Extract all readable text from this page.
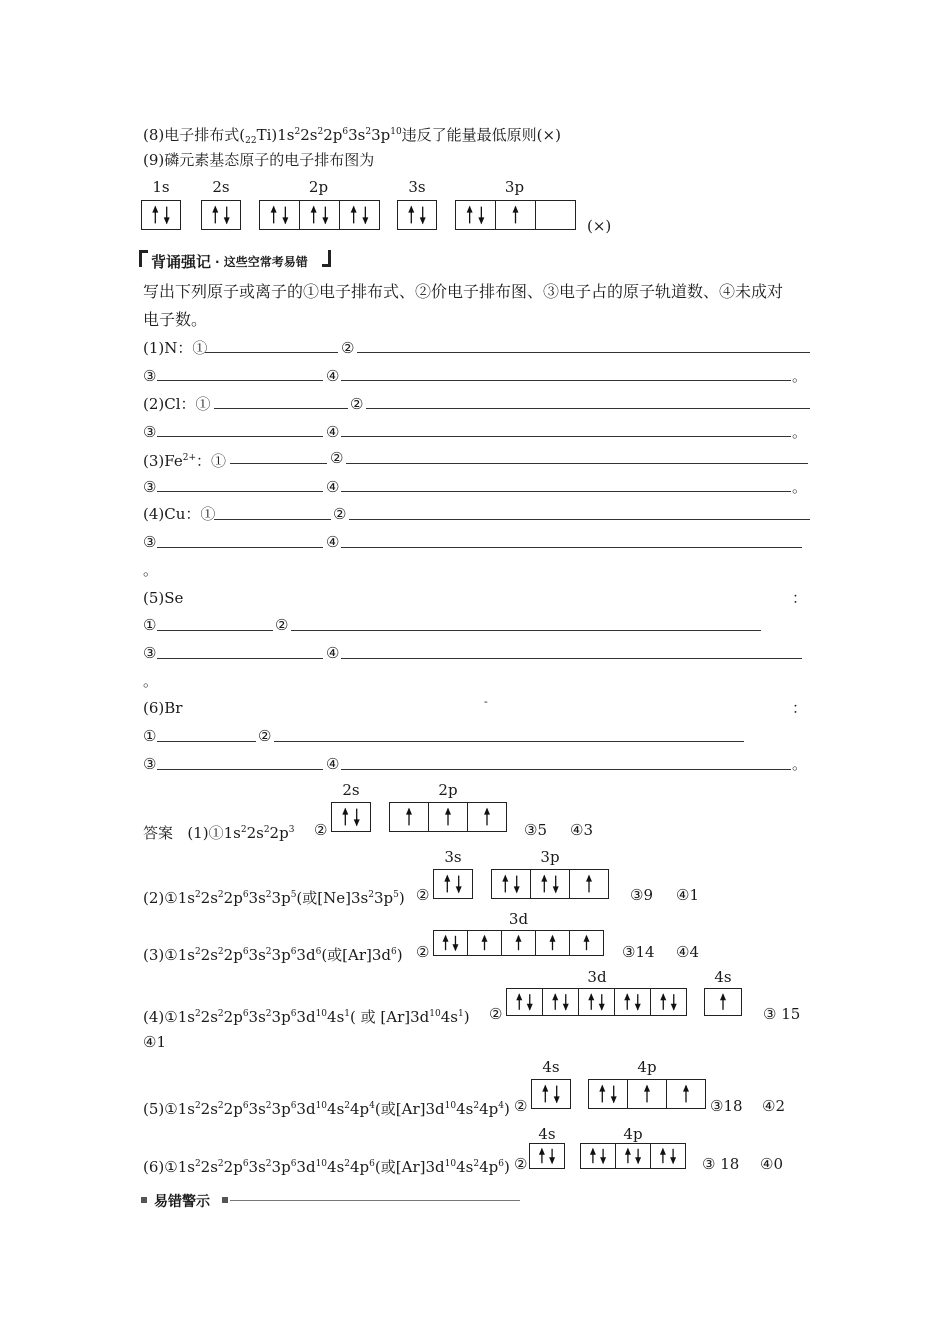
(8)电子排布式$(_{22}Ti)1s^22s^22p^63s^23p^{10}$违反了能量最低原则(×)
(9)磷元素基态原子的电子排布图为
1s	2s	2p	3s	3p
(×)
背诵强记 · 这些空常考易错
写出下列原子或离子的①电子排布式、②价电子排布图、③电子占的原子轨道数、④未成对
电子数。
(1)N：①	②
③	④	。
(2)Cl：①	②
③	④	。
$(3)Fe^{2+}$：①	②
③	④	。
(4)Cu：①	②
③	④
。
(5)Se	：
①	②
③	④
。
(6)Br	-	：
①	②
③	④	。
答案 $(1)①1s^22s^22p^3$ ②
2s	2p
③5 ④3
$(2)①1s^22s^22p^63s^23p^5$(或$[Ne]3s^23p^5$) ②
3s	3p
③9 ④1
$(3)①1s^22s^22p^63s^23p^63d^6$(或$[Ar]3d^6$) ②
3d
③14 ④4
$(4)①1s^22s^22p^63s^23p^63d^{10}4s^1$( 或 $[Ar]3d^{10}4s^1$) ②
3d	4s
③ 15
④1
$(5)①1s^22s^22p^63s^23p^63d^{10}4s^24p^4$(或$[Ar]3d^{10}4s^24p^4$) ②
4s	4p
③18 ④2
$(6)①1s^22s^22p^63s^23p^63d^{10}4s^24p^6$(或$[Ar]3d^{10}4s^24p^6$) ②
4s	4p
③ 18 ④0
易错警示
